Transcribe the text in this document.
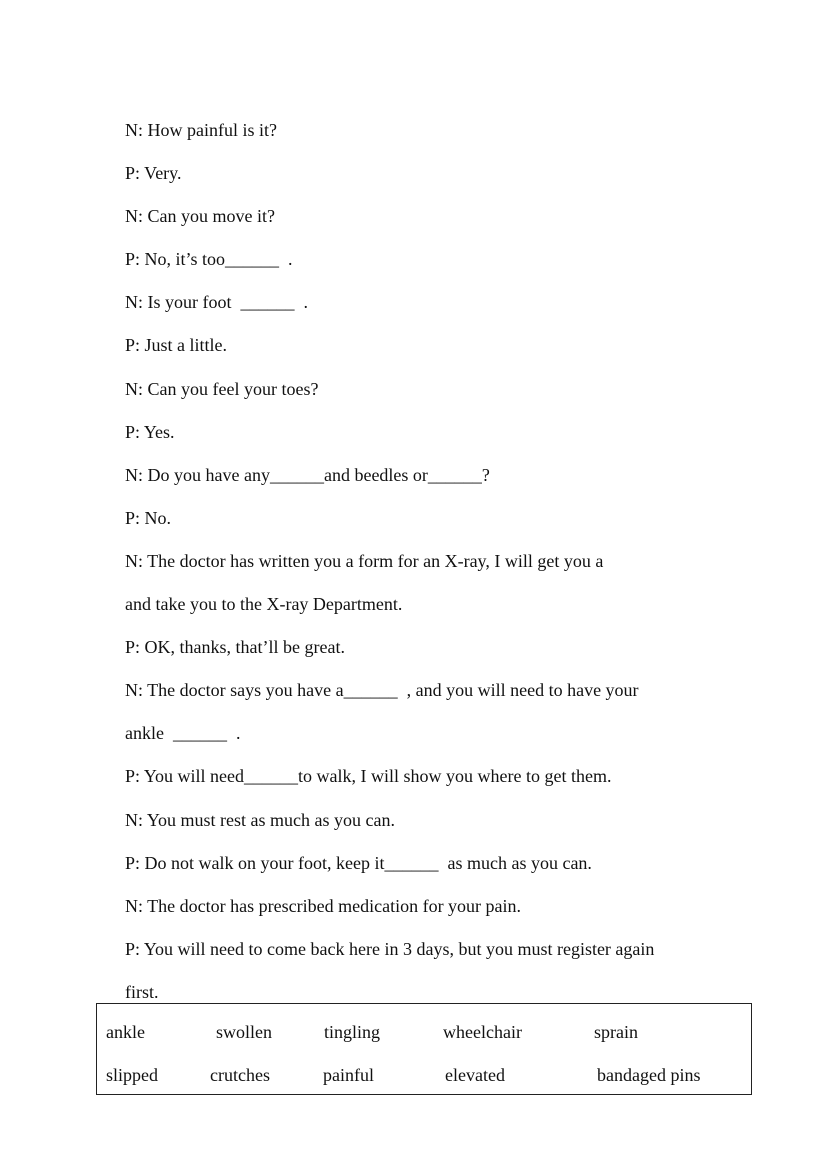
N: How painful is it?
P: Very.
N: Can you move it?
P: No, it’s too______  .
N: Is your foot  ______  .
P: Just a little.
N: Can you feel your toes?
P: Yes.
N: Do you have any______and beedles or______?
P: No.
N: The doctor has written you a form for an X-ray, I will get you a
and take you to the X-ray Department.
P: OK, thanks, that’ll be great.
N: The doctor says you have a______  , and you will need to have your
ankle  ______  .
P: You will need______to walk, I will show you where to get them.
N: You must rest as much as you can.
P: Do not walk on your foot, keep it______  as much as you can.
N: The doctor has prescribed medication for your pain.
P: You will need to come back here in 3 days, but you must register again
first.
ankle	swollen	tingling	wheelchair	sprain
slipped	crutches	painful	elevated	bandaged pins
